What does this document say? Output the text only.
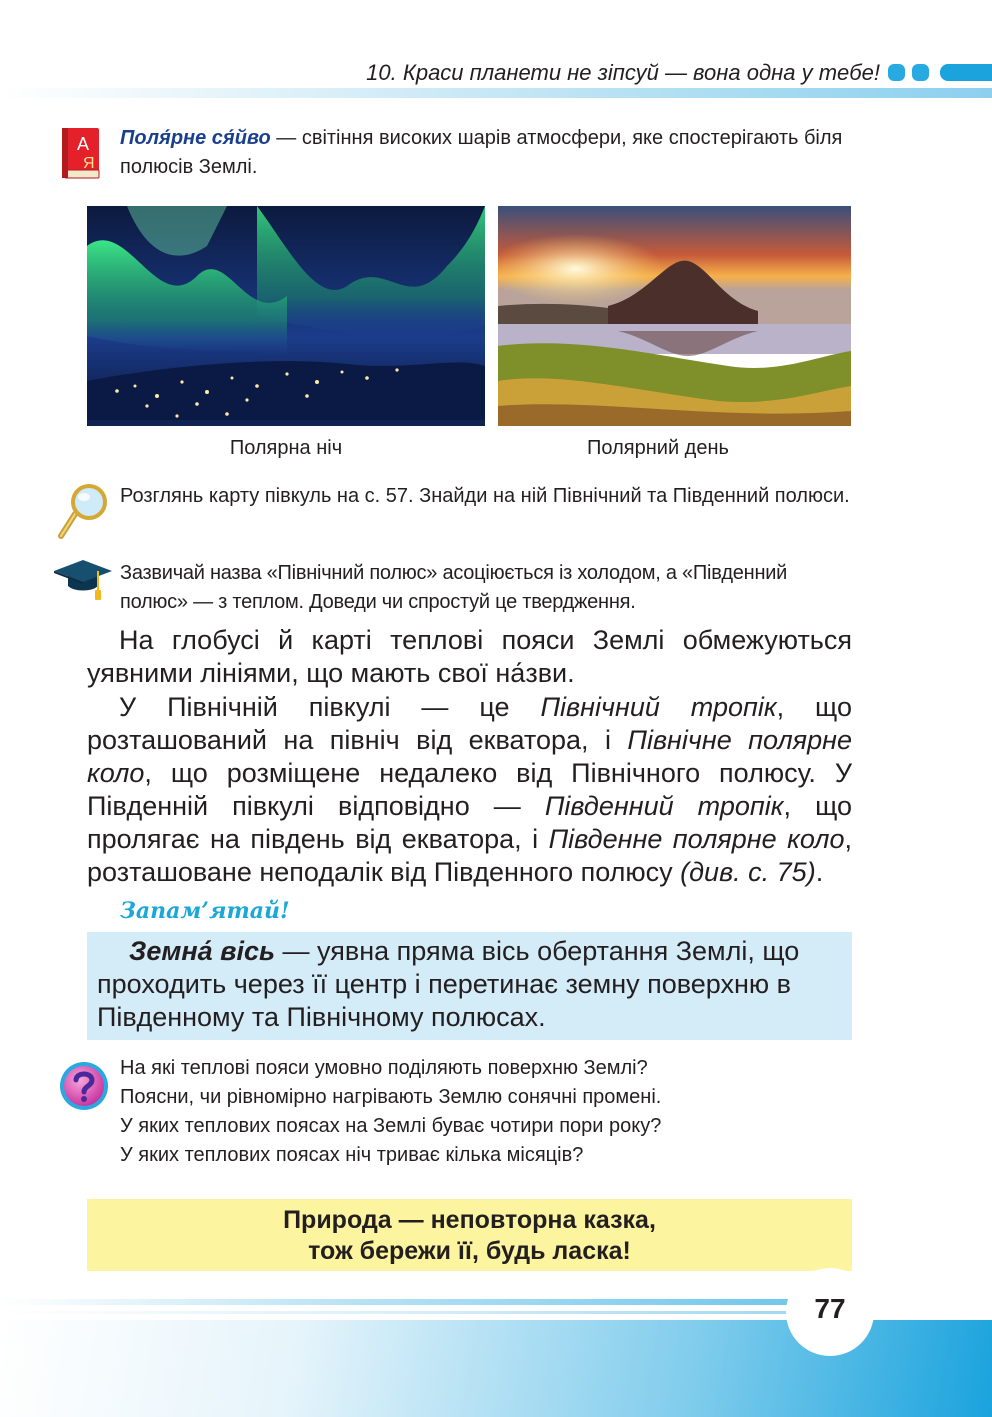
10. Краси планети не зіпсуй — вона одна у тебе!
А
Я
Поля́рне ся́йво — світіння високих шарів атмосфери, яке спостерігають біля полюсів Землі.
Полярна ніч	Полярний день
Розглянь карту півкуль на с. 57. Знайди на ній Північний та Південний полюси.
Зазвичай назва «Північний полюс» асоціюється із холодом, а «Південний полюс» — з теплом. Доведи чи спростуй це твердження.
На глобусі й карті теплові пояси Землі обмежуються уявними лініями, що мають свої на́зви.
У Північній півкулі — це Північний тропік, що розташований на північ від екватора, і Північне полярне коло, що розміщене недалеко від Північного полюсу. У Південній півкулі відповідно — Південний тропік, що пролягає на південь від екватора, і Південне полярне коло, розташоване неподалік від Південного полюсу (див. с. 75).
Запам’ятай!
Земна́ вісь — уявна пряма вісь обертання Землі, що проходить через її центр і перетинає земну поверхню в Південному та Північному полюсах.
На які теплові пояси умовно поділяють поверхню Землі?
Поясни, чи рівномірно нагрівають Землю сонячні промені.
У яких теплових поясах на Землі буває чотири пори року?
У яких теплових поясах ніч триває кілька місяців?
Природа — неповторна казка,
тож бережи її, будь ласка!
77
